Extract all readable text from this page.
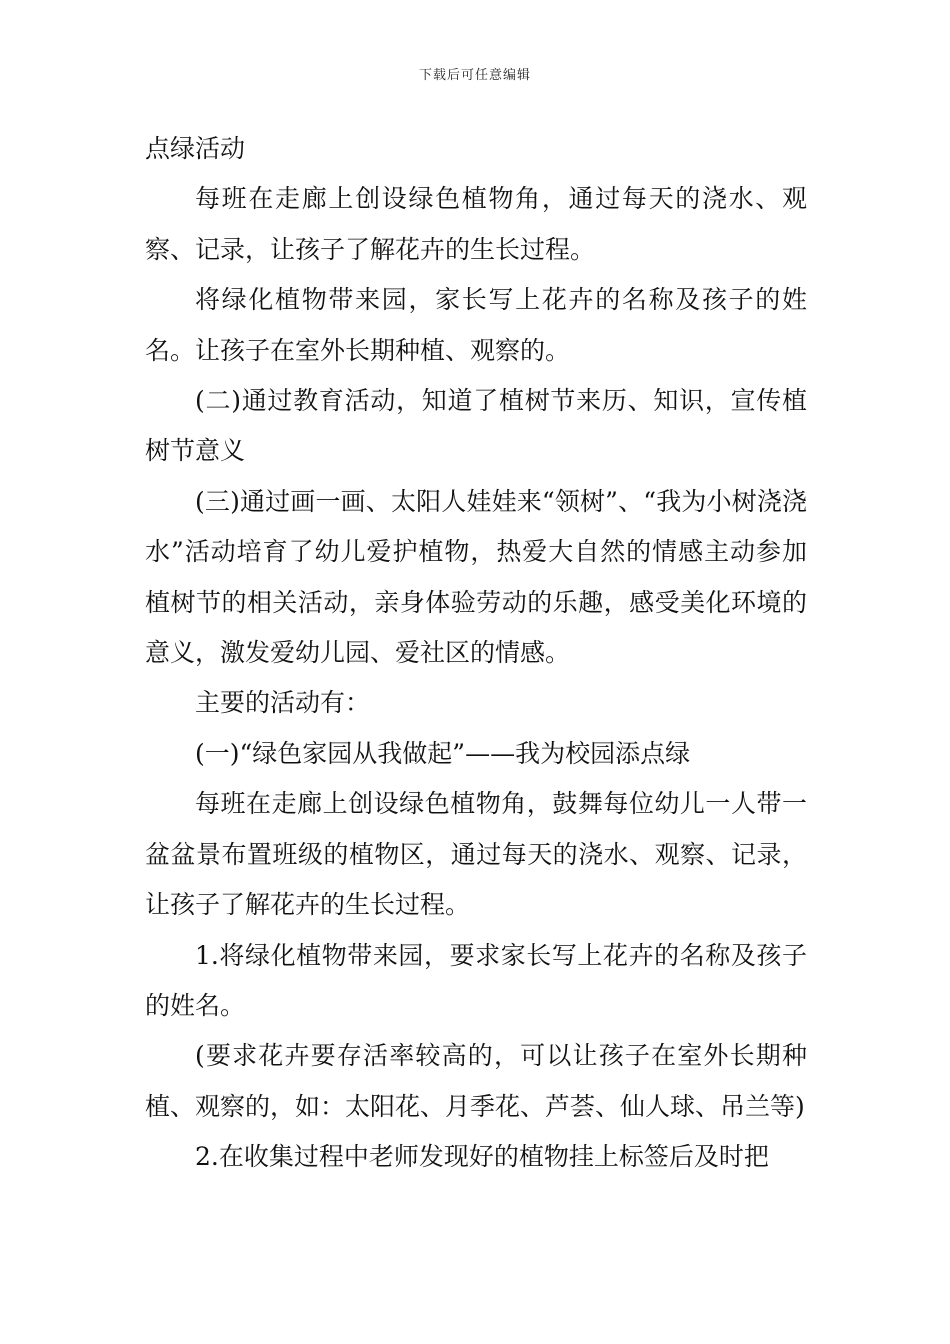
下载后可任意编辑

点绿活动

每班在走廊上创设绿色植物角，通过每天的浇水、观察、记录，让孩子了解花卉的生长过程。

将绿化植物带来园，家长写上花卉的名称及孩子的姓名。让孩子在室外长期种植、观察的。

(二)通过教育活动，知道了植树节来历、知识，宣传植树节意义

(三)通过画一画、太阳人娃娃来“领树”、“我为小树浇浇水”活动培育了幼儿爱护植物，热爱大自然的情感主动参加植树节的相关活动，亲身体验劳动的乐趣，感受美化环境的意义，激发爱幼儿园、爱社区的情感。

主要的活动有：

(一)“绿色家园从我做起”——我为校园添点绿

每班在走廊上创设绿色植物角，鼓舞每位幼儿一人带一盆盆景布置班级的植物区，通过每天的浇水、观察、记录，让孩子了解花卉的生长过程。

1.将绿化植物带来园，要求家长写上花卉的名称及孩子的姓名。

(要求花卉要存活率较高的，可以让孩子在室外长期种植、观察的，如：太阳花、月季花、芦荟、仙人球、吊兰等)

2.在收集过程中老师发现好的植物挂上标签后及时把
